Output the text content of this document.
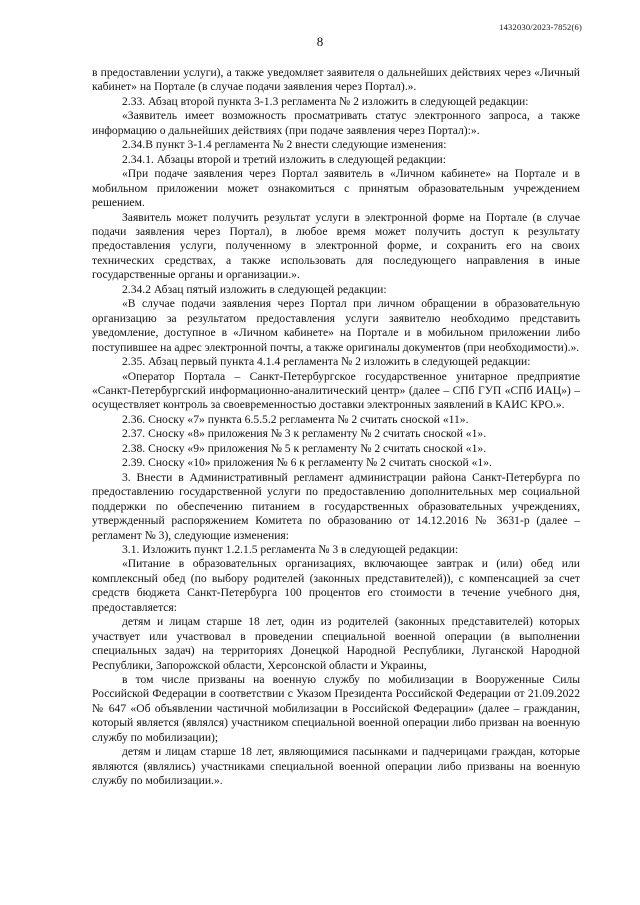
1432030/2023-7852(6)
8

в предоставлении услуги), а также уведомляет заявителя о дальнейших действиях через «Личный кабинет» на Портале (в случае подачи заявления через Портал).».

2.33. Абзац второй пункта 3-1.3 регламента № 2 изложить в следующей редакции:

«Заявитель имеет возможность просматривать статус электронного запроса, а также информацию о дальнейших действиях (при подаче заявления через Портал):».

2.34.В пункт 3-1.4 регламента № 2 внести следующие изменения:

2.34.1. Абзацы второй и третий изложить в следующей редакции:

«При подаче заявления через Портал заявитель в «Личном кабинете» на Портале и в мобильном приложении может ознакомиться с принятым образовательным учреждением решением.

Заявитель может получить результат услуги в электронной форме на Портале (в случае подачи заявления через Портал), в любое время может получить доступ к результату предоставления услуги, полученному в электронной форме, и сохранить его на своих технических средствах, а также использовать для последующего направления в иные государственные органы и организации.».

2.34.2 Абзац пятый изложить в следующей редакции:

«В случае подачи заявления через Портал при личном обращении в образовательную организацию за результатом предоставления услуги заявителю необходимо представить уведомление, доступное в «Личном кабинете» на Портале и в мобильном приложении либо поступившее на адрес электронной почты, а также оригиналы документов (при необходимости).».

2.35. Абзац первый пункта 4.1.4 регламента № 2 изложить в следующей редакции:

«Оператор Портала – Санкт-Петербургское государственное унитарное предприятие «Санкт-Петербургский информационно-аналитический центр» (далее – СПб ГУП «СПб ИАЦ») – осуществляет контроль за своевременностью доставки электронных заявлений в КАИС КРО.».

2.36. Сноску «7» пункта 6.5.5.2 регламента № 2 считать сноской «11».

2.37. Сноску «8» приложения № 3 к регламенту № 2 считать сноской «1».

2.38. Сноску «9» приложения № 5 к регламенту № 2 считать сноской «1».

2.39. Сноску «10» приложения № 6 к регламенту № 2 считать сноской «1».

3. Внести в Административный регламент администрации района Санкт-Петербурга по предоставлению государственной услуги по предоставлению дополнительных мер социальной поддержки по обеспечению питанием в государственных образовательных учреждениях, утвержденный распоряжением Комитета по образованию от 14.12.2016 № 3631-р (далее – регламент № 3), следующие изменения:

3.1. Изложить пункт 1.2.1.5 регламента № 3 в следующей редакции:

«Питание в образовательных организациях, включающее завтрак и (или) обед или комплексный обед (по выбору родителей (законных представителей)), с компенсацией за счет средств бюджета Санкт-Петербурга 100 процентов его стоимости в течение учебного дня, предоставляется:

детям и лицам старше 18 лет, один из родителей (законных представителей) которых участвует или участвовал в проведении специальной военной операции (в выполнении специальных задач) на территориях Донецкой Народной Республики, Луганской Народной Республики, Запорожской области, Херсонской области и Украины,

в том числе призваны на военную службу по мобилизации в Вооруженные Силы Российской Федерации в соответствии с Указом Президента Российской Федерации от 21.09.2022 № 647 «Об объявлении частичной мобилизации в Российской Федерации» (далее – гражданин, который является (являлся) участником специальной военной операции либо призван на военную службу по мобилизации);

детям и лицам старше 18 лет, являющимися пасынками и падчерицами граждан, которые являются (являлись) участниками специальной военной операции либо призваны на военную службу по мобилизации.».
